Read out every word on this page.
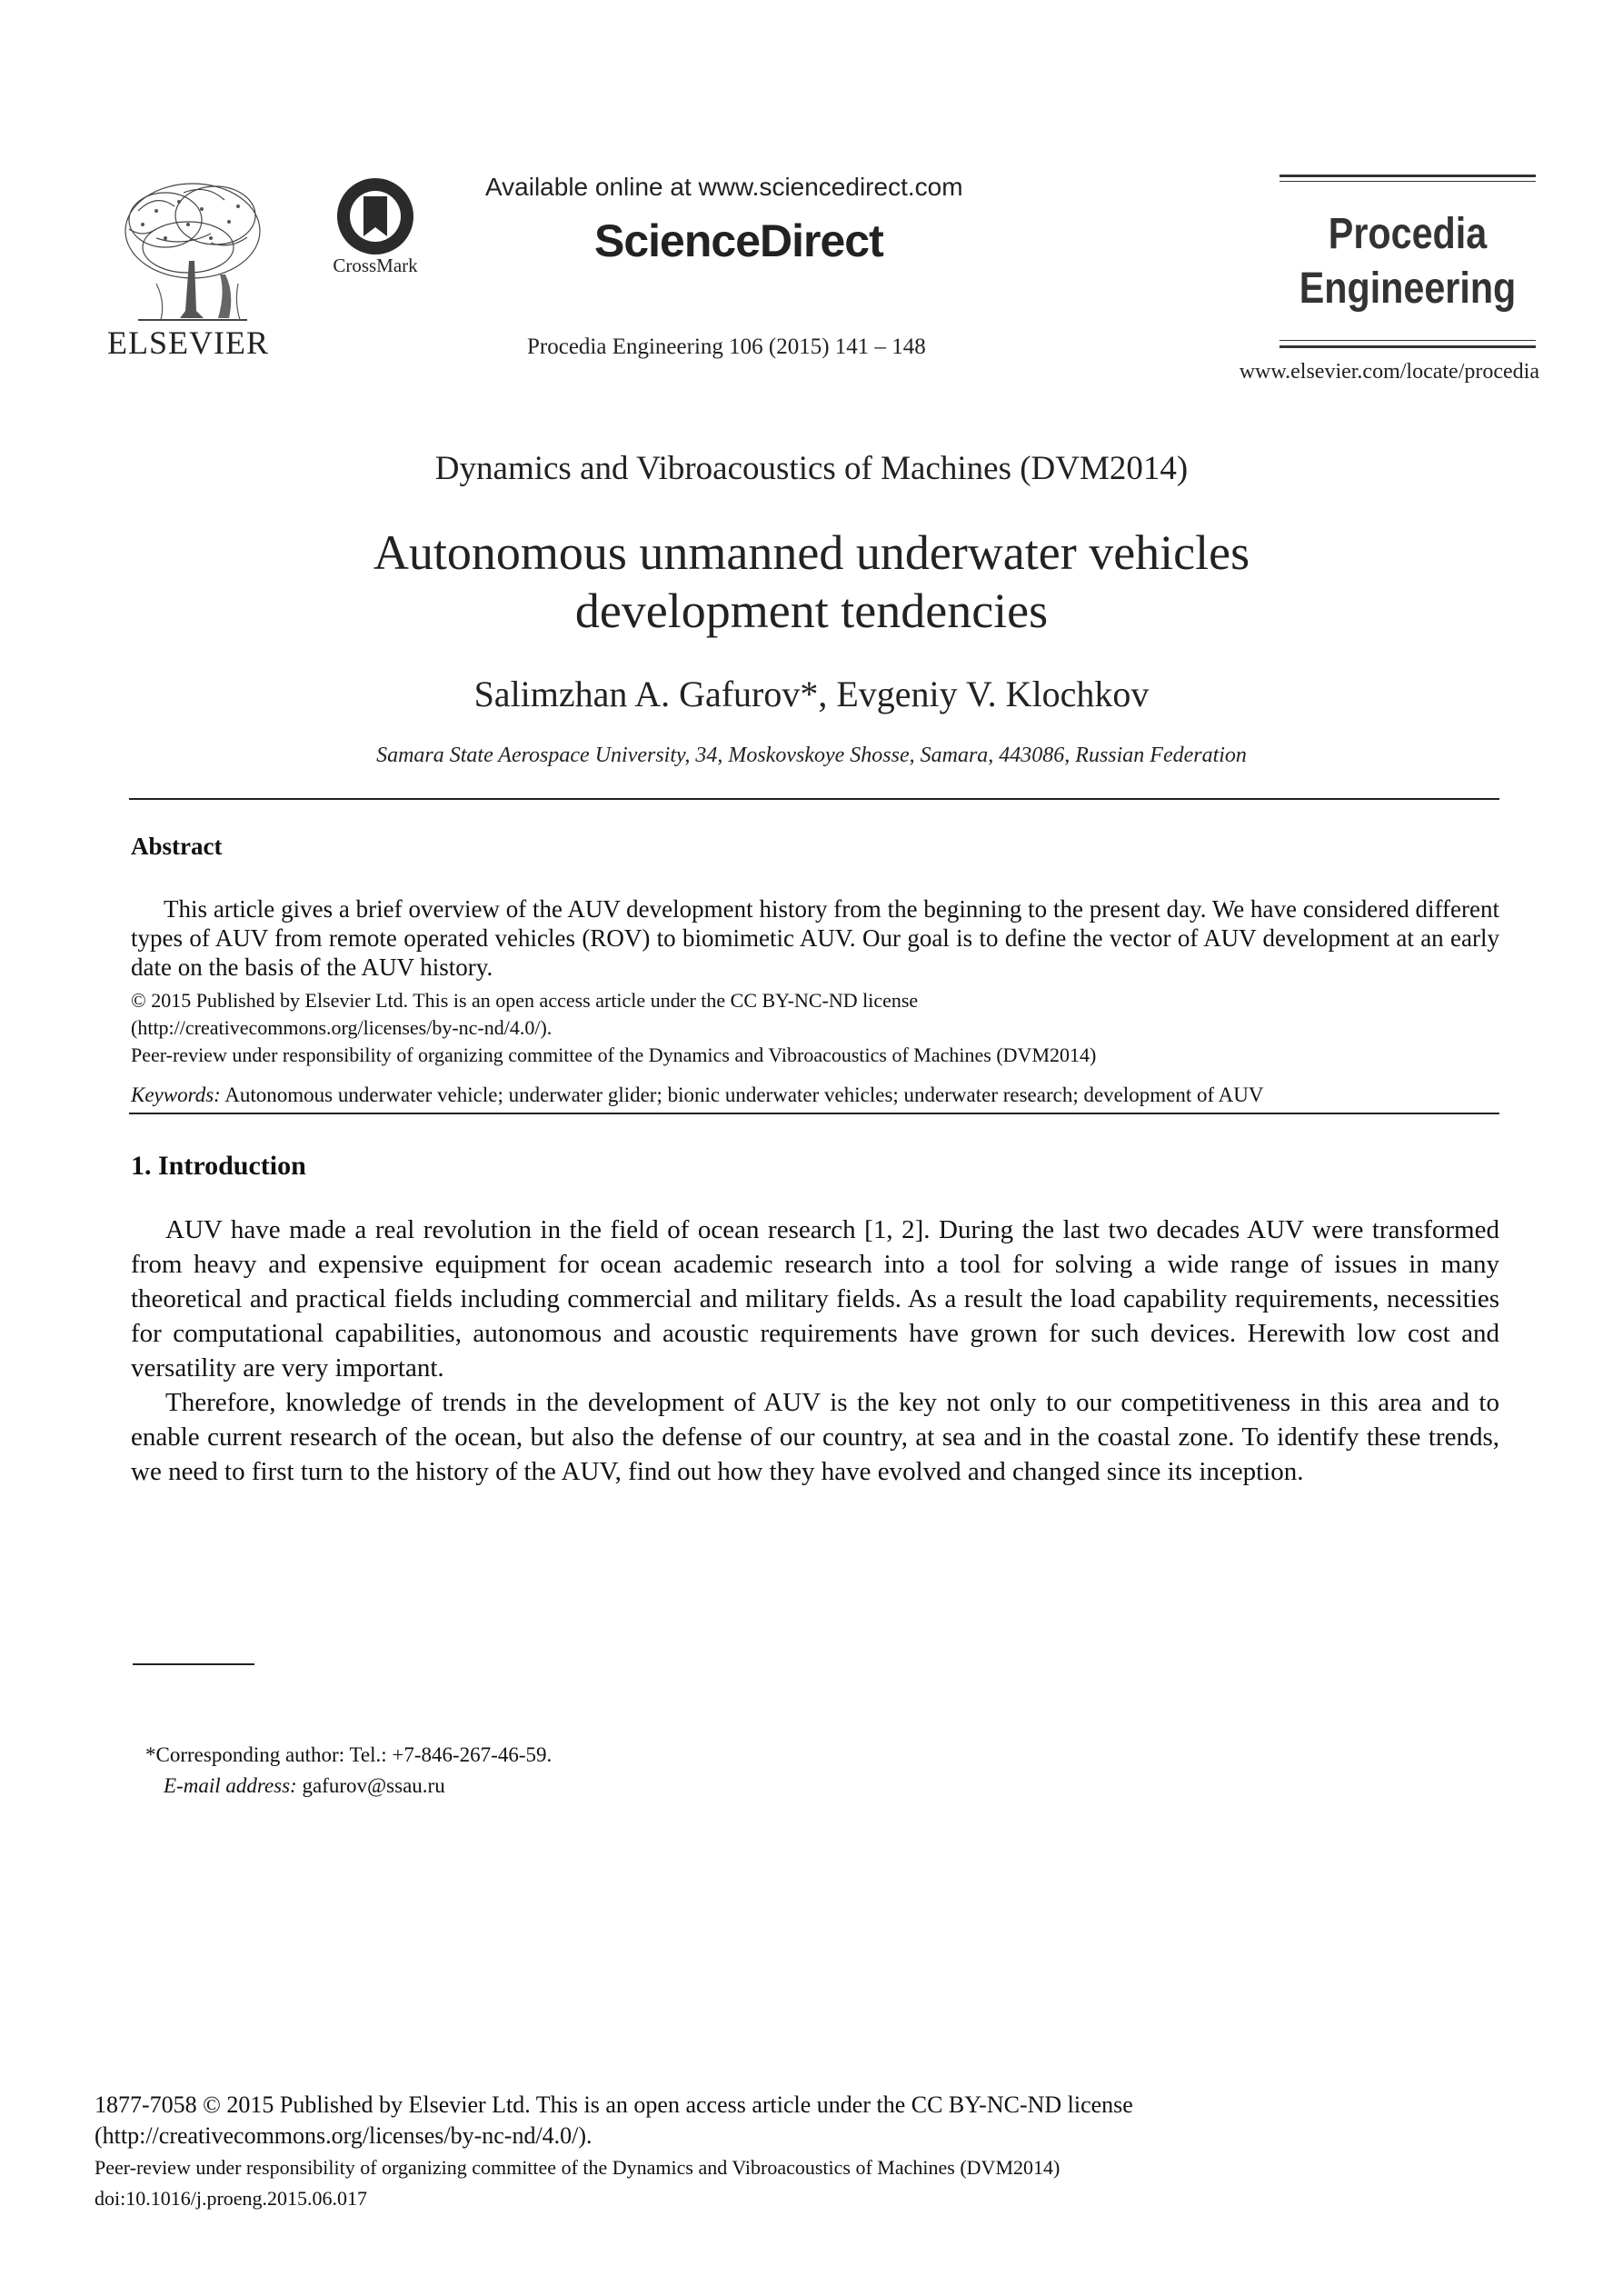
ELSEVIER
CrossMark
Available online at www.sciencedirect.com
ScienceDirect
Procedia Engineering 106 (2015) 141 – 148
Procedia
Engineering
www.elsevier.com/locate/procedia
Dynamics and Vibroacoustics of Machines (DVM2014)
Autonomous unmanned underwater vehicles
development tendencies
Salimzhan A. Gafurov*, Evgeniy V. Klochkov
Samara State Aerospace University, 34, Moskovskoye Shosse, Samara, 443086, Russian Federation
Abstract
This article gives a brief overview of the AUV development history from the beginning to the present day. We have considered different types of AUV from remote operated vehicles (ROV) to biomimetic AUV. Our goal is to define the vector of AUV development at an early date on the basis of the AUV history.
© 2015 Published by Elsevier Ltd. This is an open access article under the CC BY-NC-ND license
(http://creativecommons.org/licenses/by-nc-nd/4.0/).
Peer-review under responsibility of organizing committee of the Dynamics and Vibroacoustics of Machines (DVM2014)
Keywords: Autonomous underwater vehicle; underwater glider; bionic underwater vehicles; underwater research; development of AUV
1. Introduction
AUV have made a real revolution in the field of ocean research [1, 2]. During the last two decades AUV were transformed from heavy and expensive equipment for ocean academic research into a tool for solving a wide range of issues in many theoretical and practical fields including commercial and military fields. As a result the load capability requirements, necessities for computational capabilities, autonomous and acoustic requirements have grown for such devices. Herewith low cost and versatility are very important.
Therefore, knowledge of trends in the development of AUV is the key not only to our competitiveness in this area and to enable current research of the ocean, but also the defense of our country, at sea and in the coastal zone. To identify these trends, we need to first turn to the history of the AUV, find out how they have evolved and changed since its inception.
*Corresponding author: Tel.: +7-846-267-46-59.
E-mail address: gafurov@ssau.ru
1877-7058 © 2015 Published by Elsevier Ltd. This is an open access article under the CC BY-NC-ND license
(http://creativecommons.org/licenses/by-nc-nd/4.0/).
Peer-review under responsibility of organizing committee of the Dynamics and Vibroacoustics of Machines (DVM2014)
doi:10.1016/j.proeng.2015.06.017
